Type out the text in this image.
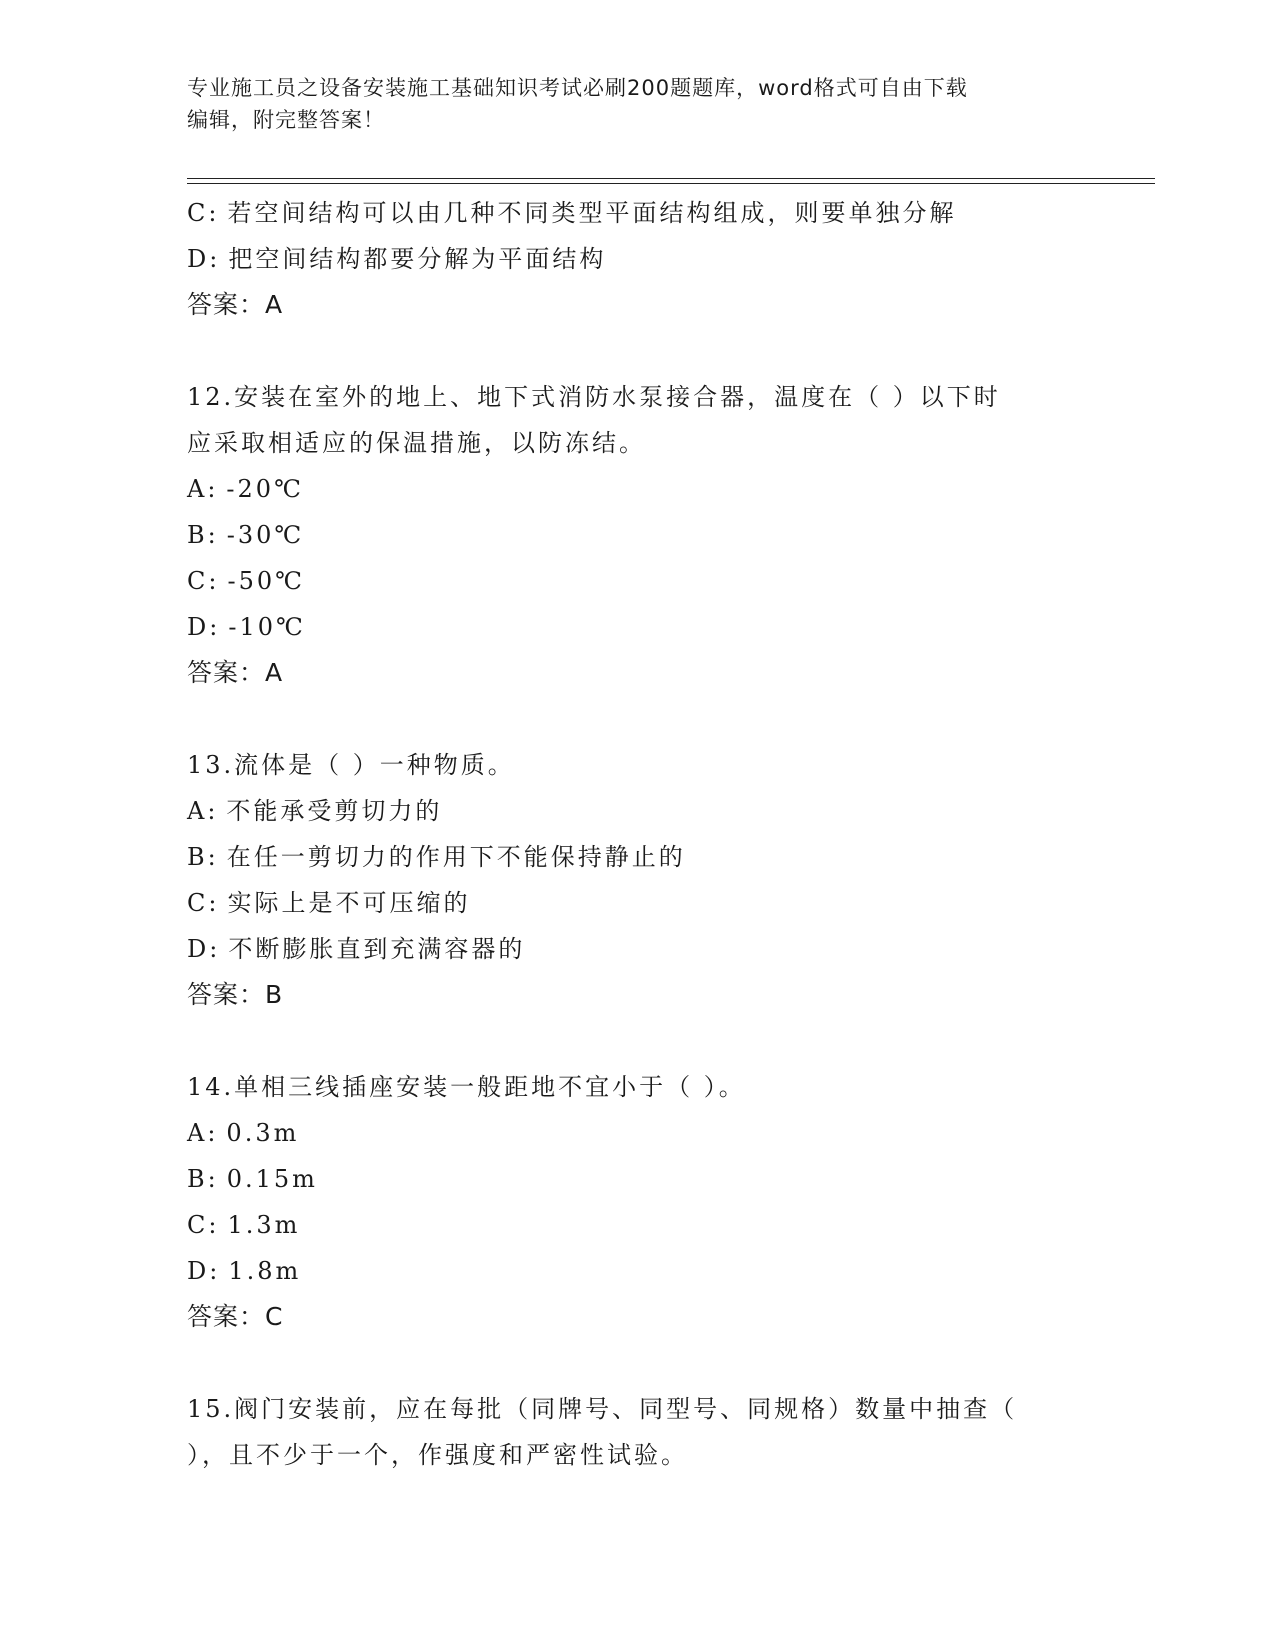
专业施工员之设备安装施工基础知识考试必刷200题题库，word格式可自由下载
编辑，附完整答案！
C: 若空间结构可以由几种不同类型平面结构组成，则要单独分解
D: 把空间结构都要分解为平面结构
答案：A
12.安装在室外的地上、地下式消防水泵接合器，温度在（ ）以下时
应采取相适应的保温措施，以防冻结。
A: -20℃
B: -30℃
C: -50℃
D: -10℃
答案：A
13.流体是（ ）一种物质。
A: 不能承受剪切力的
B: 在任一剪切力的作用下不能保持静止的
C: 实际上是不可压缩的
D: 不断膨胀直到充满容器的
答案：B
14.单相三线插座安装一般距地不宜小于（ ）。
A: 0.3m
B: 0.15m
C: 1.3m
D: 1.8m
答案：C
15.阀门安装前，应在每批（同牌号、同型号、同规格）数量中抽查（
），且不少于一个，作强度和严密性试验。
